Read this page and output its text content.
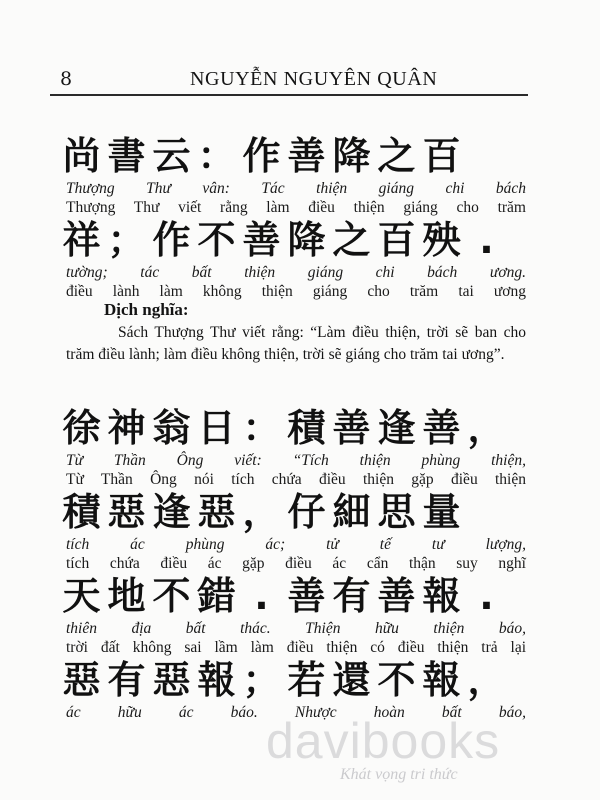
8	NGUYỄN NGUYÊN QUÂN
尚書云：作善降之百
Thượng Thư vân: Tác thiện giáng chi bách
Thượng Thư viết rằng làm điều thiện giáng cho trăm
祥；作不善降之百殃 .
tường; tác bất thiện giáng chi bách ương.
điều lành làm không thiện giáng cho trăm tai ương
Dịch nghĩa:
Sách Thượng Thư viết rằng: “Làm điều thiện, trời sẽ ban cho trăm điều lành; làm điều không thiện, trời sẽ giáng cho trăm tai ương”.
徐神翁日：積善逢善，
Từ Thần Ông viết: “Tích thiện phùng thiện,
Từ Thần Ông nói tích chứa điều thiện gặp điều thiện
積惡逢惡，仔細思量
tích ác phùng ác; tử tế tư lượng,
tích chứa điều ác gặp điều ác cẩn thận suy nghĩ
天地不錯 . 善有善報 .
thiên địa bất thác. Thiện hữu thiện báo,
trời đất không sai lầm làm điều thiện có điều thiện trả lại
惡有惡報；若還不報，
ác hữu ác báo. Nhược hoàn bất báo,
davibooks
Khát vọng tri thức
